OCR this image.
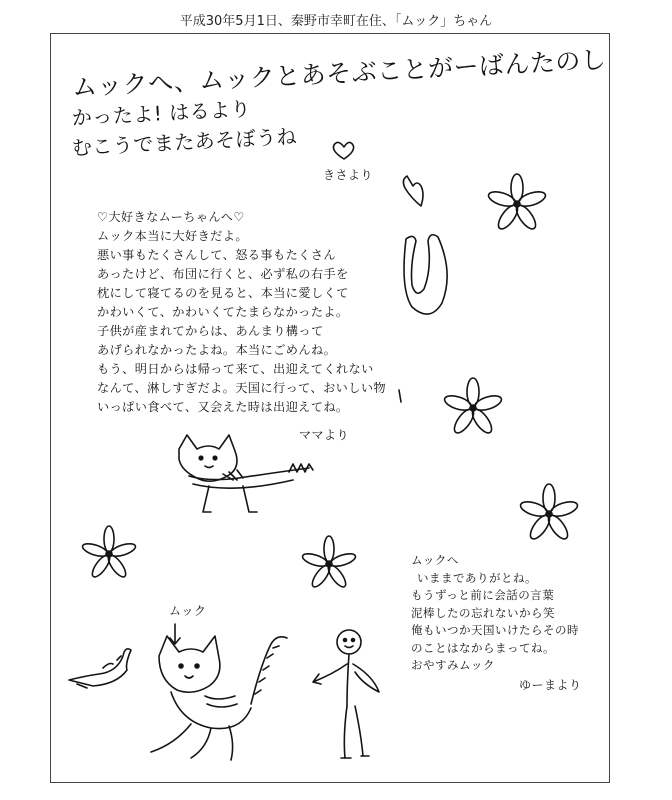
平成30年5月1日、秦野市幸町在住、「ムック」ちゃん
ムックへ、ムックとあそぶことがーばんたのし
かったよ! はるより
むこうでまたあそぼうね
きさより
♡大好きなムーちゃんへ♡
ムック本当に大好きだよ。
悪い事もたくさんして、怒る事もたくさん
あったけど、布団に行くと、必ず私の右手を
枕にして寝てるのを見ると、本当に愛しくて
かわいくて、かわいくてたまらなかったよ。
子供が産まれてからは、あんまり構って
あげられなかったよね。本当にごめんね。
もう、明日からは帰って来て、出迎えてくれない
なんて、淋しすぎだよ。天国に行って、おいしい物
いっぱい食べて、又会えた時は出迎えてね。
ママより
ムック
ムックへ
いままでありがとね。
もうずっと前に会話の言葉
泥棒したの忘れないから笑
俺もいつか天国いけたらその時
のことはなからまってね。
おやすみムック
ゆーまより
